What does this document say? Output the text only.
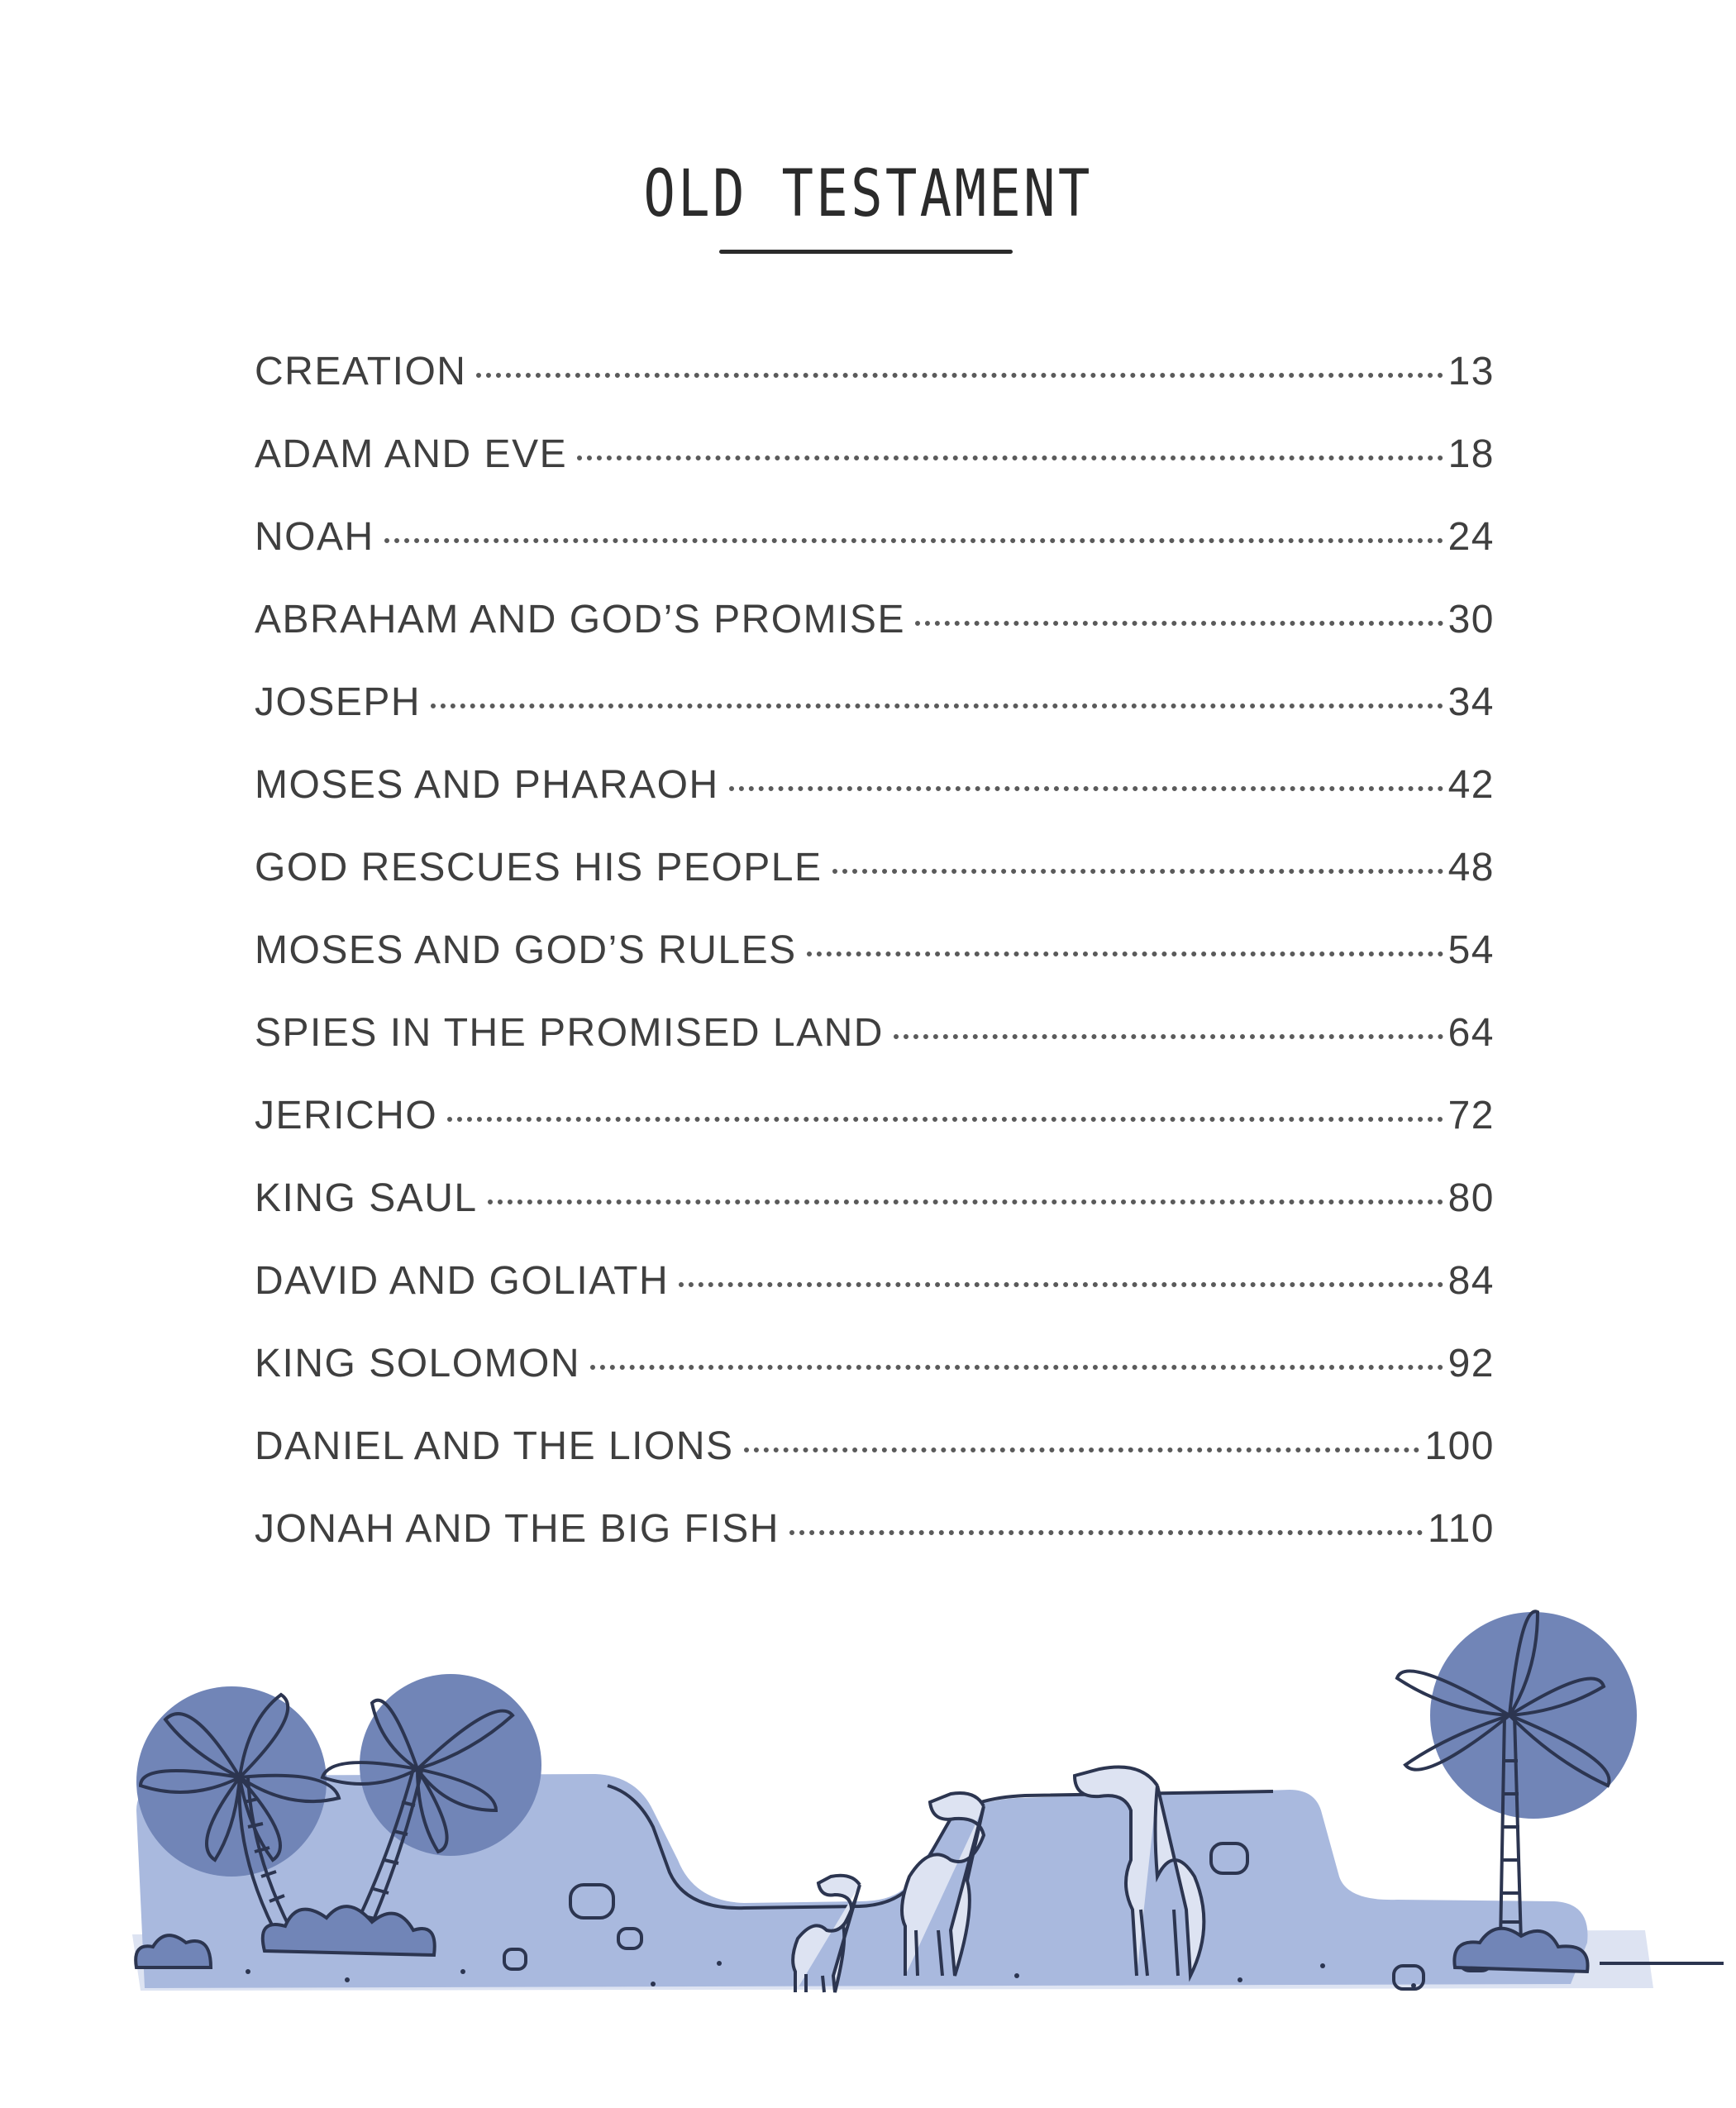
OLD TESTAMENT
CREATION	13
ADAM AND EVE	18
NOAH	24
ABRAHAM AND GOD’S PROMISE	30
JOSEPH	34
MOSES AND PHARAOH	42
GOD RESCUES HIS PEOPLE	48
MOSES AND GOD’S RULES	54
SPIES IN THE PROMISED LAND	64
JERICHO	72
KING SAUL	80
DAVID AND GOLIATH	84
KING SOLOMON	92
DANIEL AND THE LIONS	100
JONAH AND THE BIG FISH	110
